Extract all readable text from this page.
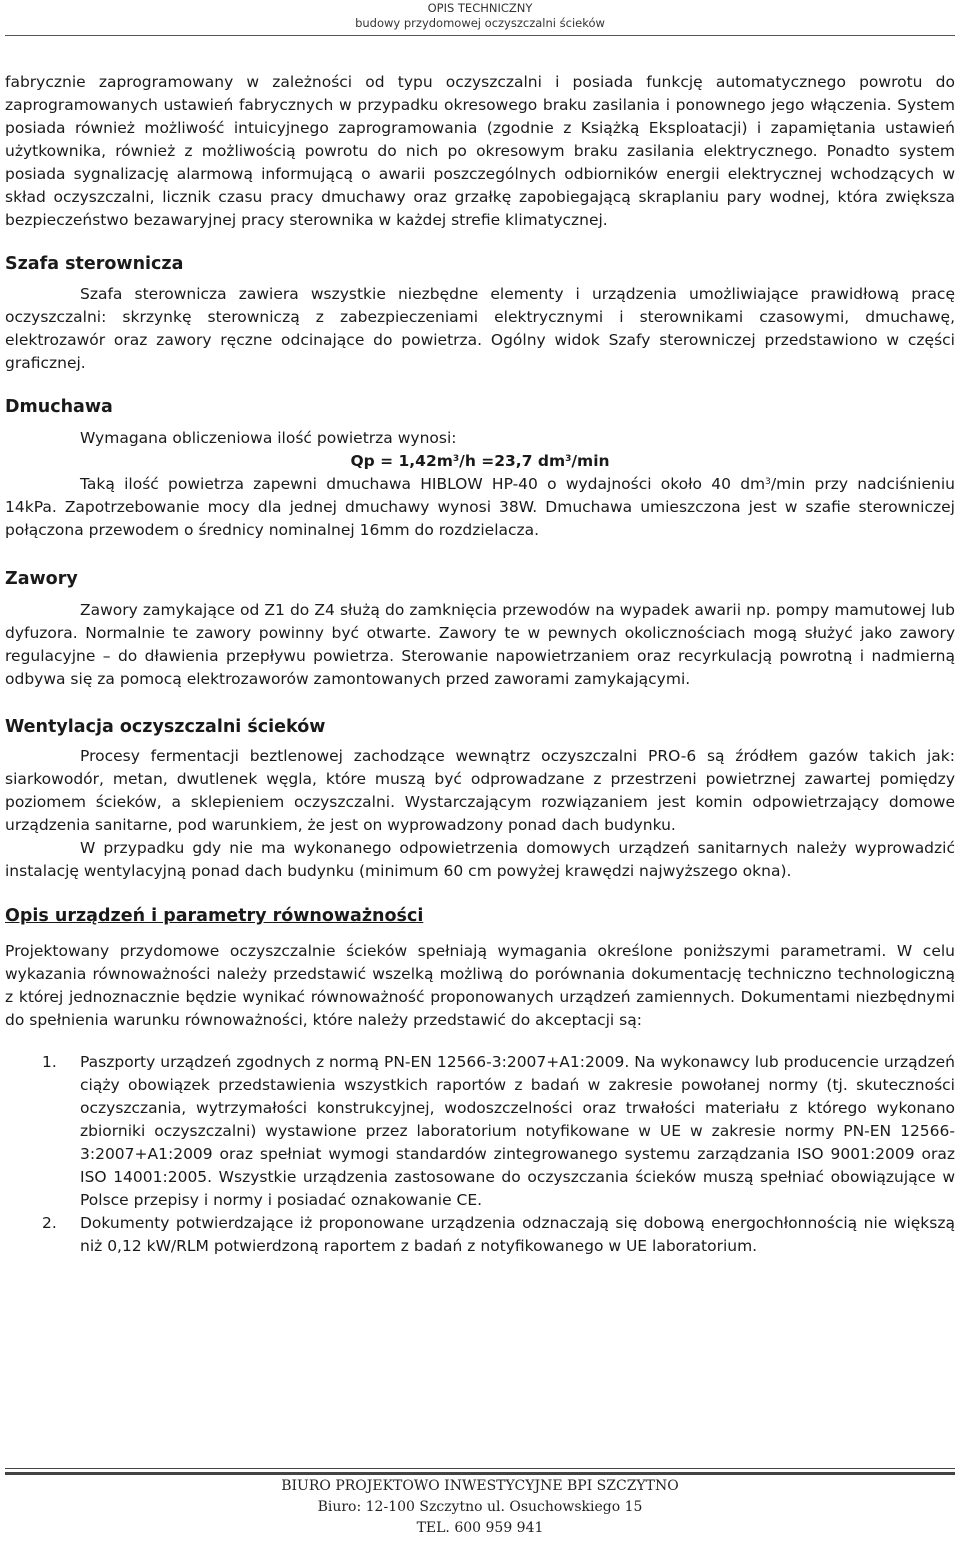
OPIS TECHNICZNY
budowy przydomowej oczyszczalni ścieków

fabrycznie zaprogramowany w zależności od typu oczyszczalni i posiada funkcję automatycznego powrotu do zaprogramowanych ustawień fabrycznych w przypadku okresowego braku zasilania i ponownego jego włączenia. System posiada również możliwość intuicyjnego zaprogramowania (zgodnie z Książką Eksploatacji) i zapamiętania ustawień użytkownika, również z możliwością powrotu do nich po okresowym braku zasilania elektrycznego. Ponadto system posiada sygnalizację alarmową informującą o awarii poszczególnych odbiorników energii elektrycznej wchodzących w skład oczyszczalni, licznik czasu pracy dmuchawy oraz grzałkę zapobiegającą skraplaniu pary wodnej, która zwiększa bezpieczeństwo bezawaryjnej pracy sterownika w każdej strefie klimatycznej.

Szafa sterownicza

Szafa sterownicza zawiera wszystkie niezbędne elementy i urządzenia umożliwiające prawidłową pracę oczyszczalni: skrzynkę sterowniczą z zabezpieczeniami elektrycznymi i sterownikami czasowymi, dmuchawę, elektrozawór oraz zawory ręczne odcinające do powietrza. Ogólny widok Szafy sterowniczej przedstawiono w części graficznej.

Dmuchawa

Wymagana obliczeniowa ilość powietrza wynosi:

$Qp = 1,42m^3/h =23,7$ $dm^3/\min$

Taką ilość powietrza zapewni dmuchawa HIBLOW HP-40 o wydajności około 40 $dm^3/\min$ przy nadciśnieniu 14kPa. Zapotrzebowanie mocy dla jednej dmuchawy wynosi 38W. Dmuchawa umieszczona jest w szafie sterowniczej połączona przewodem o średnicy nominalnej 16mm do rozdzielacza.

Zawory

Zawory zamykające od Z1 do Z4 służą do zamknięcia przewodów na wypadek awarii np. pompy mamutowej lub dyfuzora. Normalnie te zawory powinny być otwarte. Zawory te w pewnych okolicznościach mogą służyć jako zawory regulacyjne – do dławienia przepływu powietrza. Sterowanie napowietrzaniem oraz recyrkulacją powrotną i nadmierną odbywa się za pomocą elektrozaworów zamontowanych przed zaworami zamykającymi.

Wentylacja oczyszczalni ścieków

Procesy fermentacji beztlenowej zachodzące wewnątrz oczyszczalni PRO-6 są źródłem gazów takich jak: siarkowodór, metan, dwutlenek węgla, które muszą być odprowadzane z przestrzeni powietrznej zawartej pomiędzy poziomem ścieków, a sklepieniem oczyszczalni. Wystarczającym rozwiązaniem jest komin odpowietrzający domowe urządzenia sanitarne, pod warunkiem, że jest on wyprowadzony ponad dach budynku.

W przypadku gdy nie ma wykonanego odpowietrzenia domowych urządzeń sanitarnych należy wyprowadzić instalację wentylacyjną ponad dach budynku (minimum 60 cm powyżej krawędzi najwyższego okna).

Opis urządzeń i parametry równoważności

Projektowany przydomowe oczyszczalnie ścieków spełniają wymagania określone poniższymi parametrami. W celu wykazania równoważności należy przedstawić wszelką możliwą do porównania dokumentację techniczno technologiczną z której jednoznacznie będzie wynikać równoważność proponowanych urządzeń zamiennych. Dokumentami niezbędnymi do spełnienia warunku równoważności, które należy przedstawić do akceptacji są:

1. Paszporty urządzeń zgodnych z normą PN-EN 12566-3:2007+A1:2009. Na wykonawcy lub producencie urządzeń ciąży obowiązek przedstawienia wszystkich raportów z badań w zakresie powołanej normy (tj. skuteczności oczyszczania, wytrzymałości konstrukcyjnej, wodoszczelności oraz trwałości materiału z którego wykonano zbiorniki oczyszczalni) wystawione przez laboratorium notyfikowane w UE w zakresie normy PN-EN 12566-3:2007+A1:2009 oraz spełniat wymogi standardów zintegrowanego systemu zarządzania ISO 9001:2009 oraz ISO 14001:2005. Wszystkie urządzenia zastosowane do oczyszczania ścieków muszą spełniać obowiązujące w Polsce przepisy i normy i posiadać oznakowanie CE.
2. Dokumenty potwierdzające iż proponowane urządzenia odznaczają się dobową energochłonnością nie większą niż 0,12 kW/RLM potwierdzoną raportem z badań z notyfikowanego w UE laboratorium.
BIURO PROJEKTOWO INWESTYCYJNE BPI SZCZYTNO
Biuro: 12-100 Szczytno ul. Osuchowskiego 15
TEL. 600 959 941
